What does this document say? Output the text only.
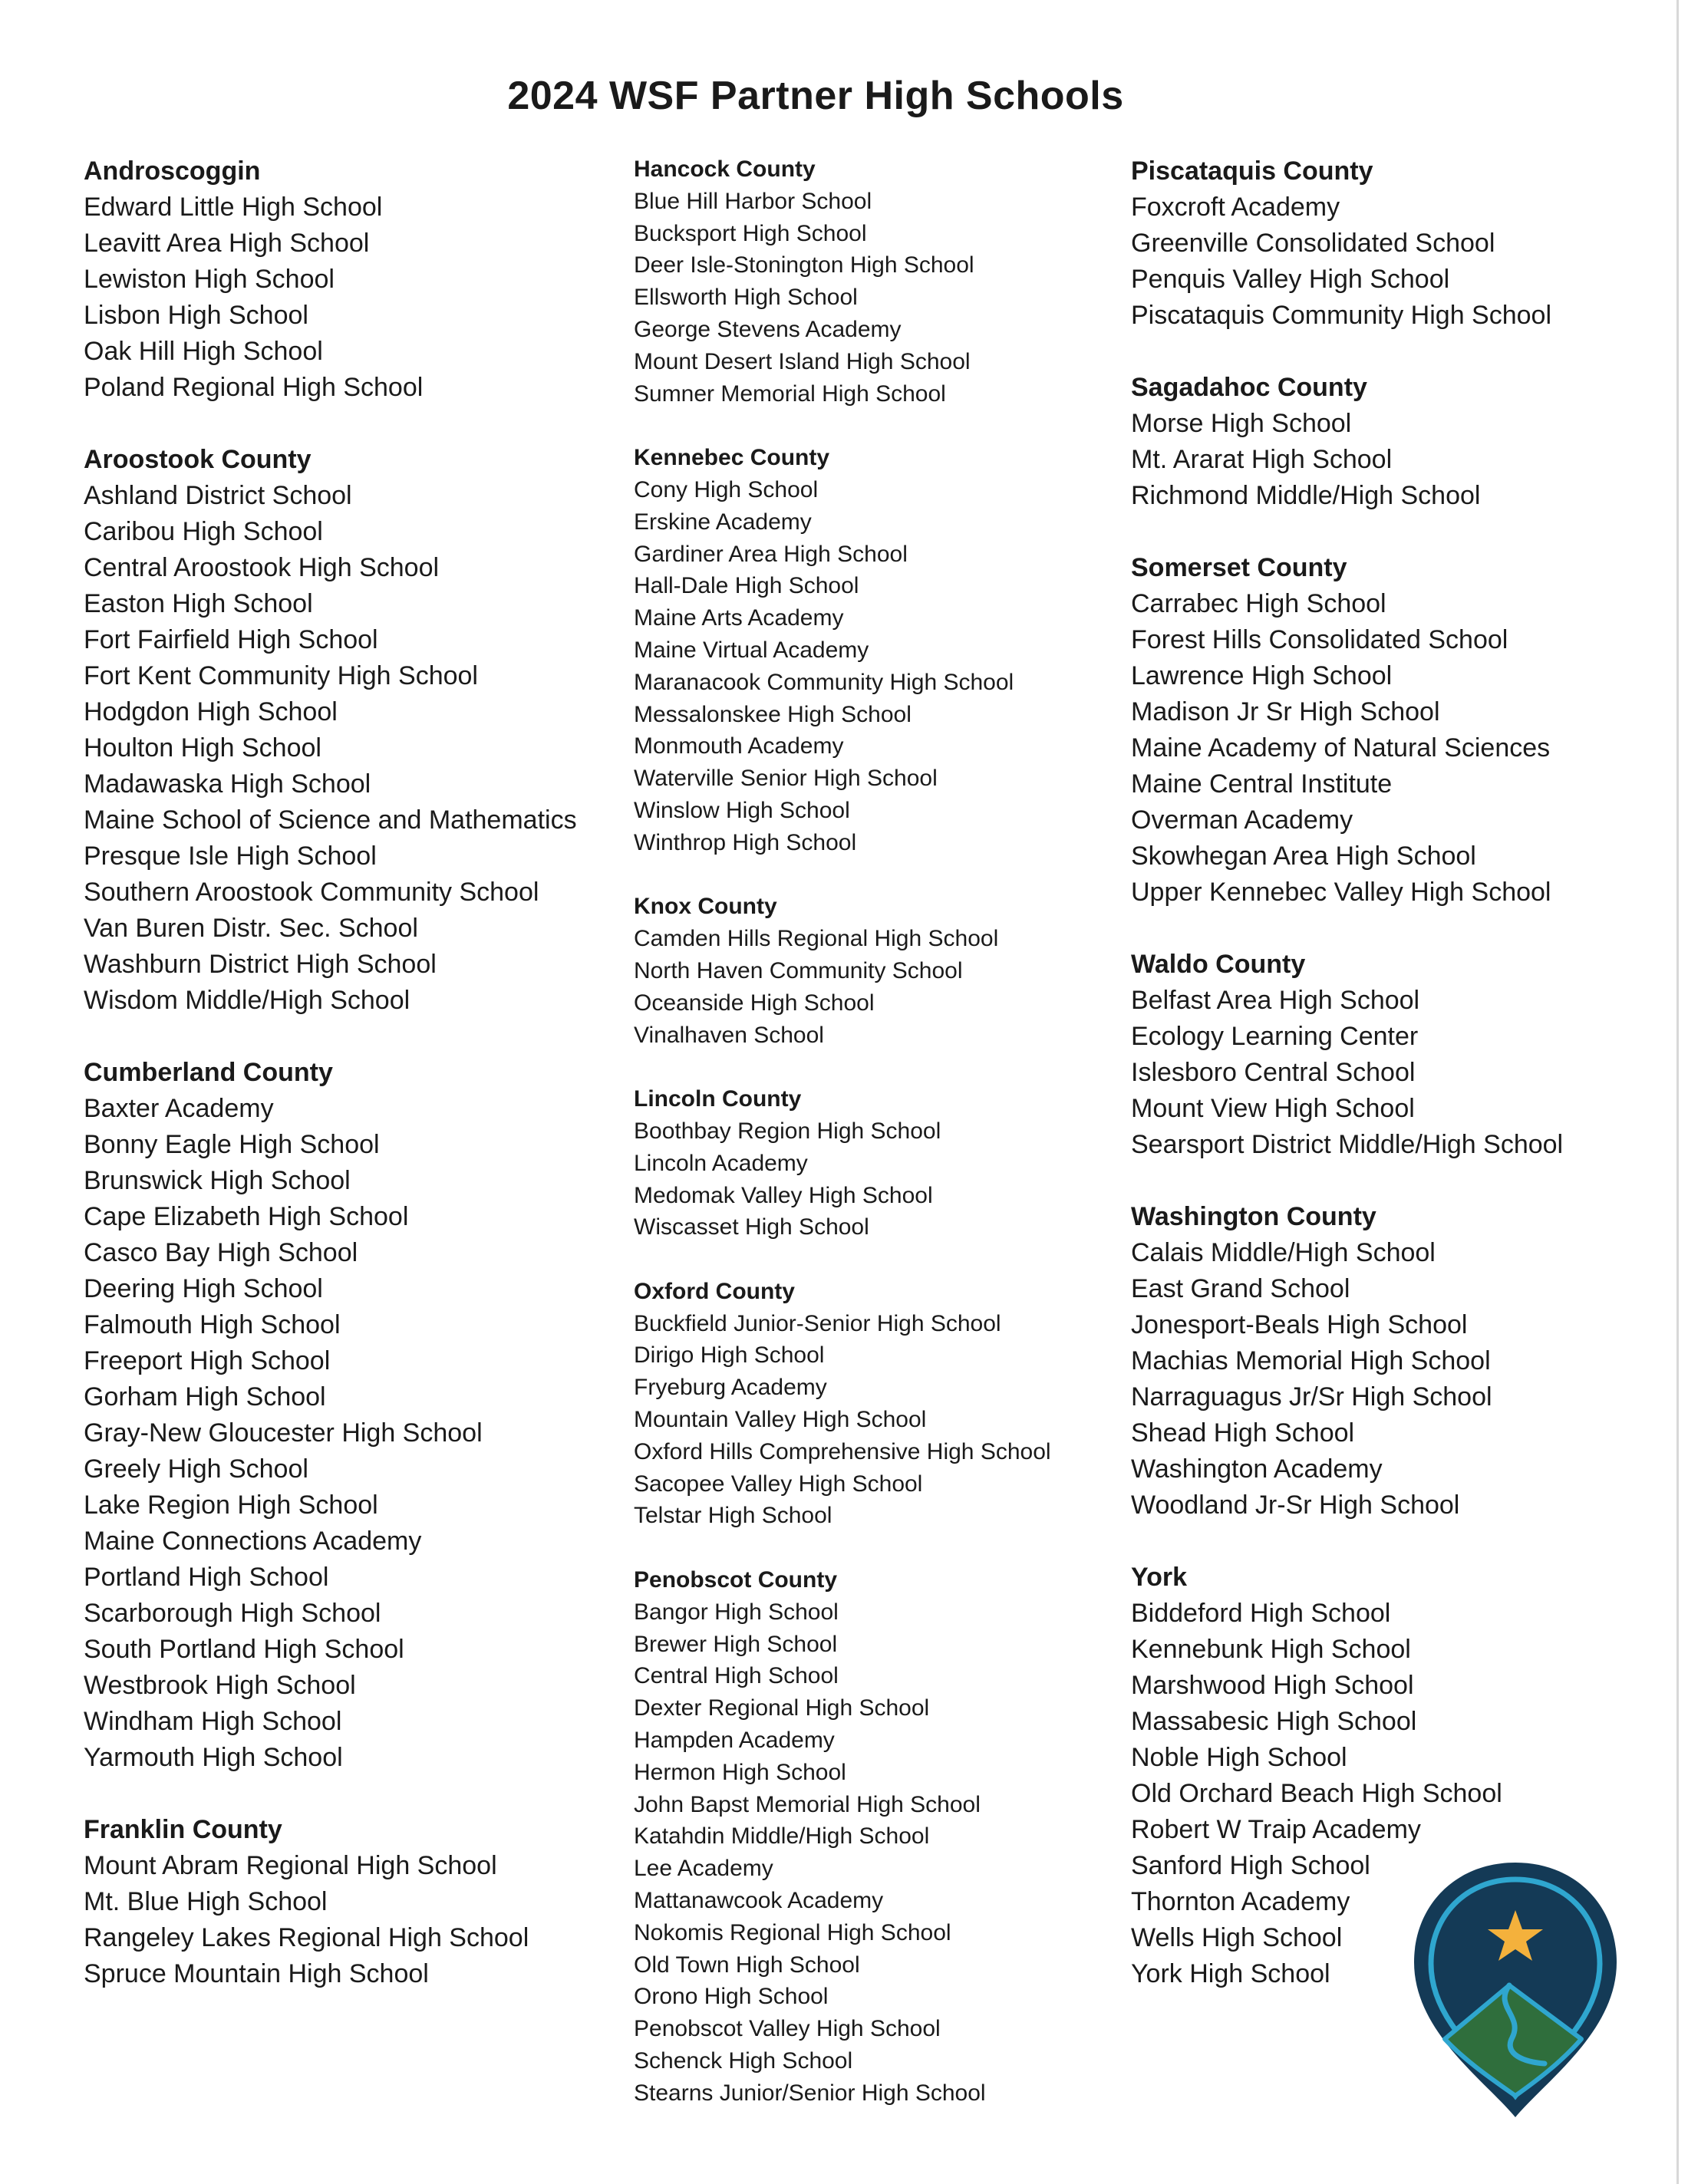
2024 WSF Partner High Schools
Androscoggin
Edward Little High School
Leavitt Area High School
Lewiston High School
Lisbon High School
Oak Hill High School
Poland Regional High School
Aroostook County
Ashland District School
Caribou High School
Central Aroostook High School
Easton High School
Fort Fairfield High School
Fort Kent Community High School
Hodgdon High School
Houlton High School
Madawaska High School
Maine School of Science and Mathematics
Presque Isle High School
Southern Aroostook Community School
Van Buren Distr. Sec. School
Washburn District High School
Wisdom Middle/High School
Cumberland County
Baxter Academy
Bonny Eagle High School
Brunswick High School
Cape Elizabeth High School
Casco Bay High School
Deering High School
Falmouth High School
Freeport High School
Gorham High School
Gray-New Gloucester High School
Greely High School
Lake Region High School
Maine Connections Academy
Portland High School
Scarborough High School
South Portland High School
Westbrook High School
Windham High School
Yarmouth High School
Franklin County
Mount Abram Regional High School
Mt. Blue High School
Rangeley Lakes Regional High School
Spruce Mountain High School
Hancock County
Blue Hill Harbor School
Bucksport High School
Deer Isle-Stonington High School
Ellsworth High School
George Stevens Academy
Mount Desert Island High School
Sumner Memorial High School
Kennebec County
Cony High School
Erskine Academy
Gardiner Area High School
Hall-Dale High School
Maine Arts Academy
Maine Virtual Academy
Maranacook Community High School
Messalonskee High School
Monmouth Academy
Waterville Senior High School
Winslow High School
Winthrop High School
Knox County
Camden Hills Regional High School
North Haven Community School
Oceanside High School
Vinalhaven School
Lincoln County
Boothbay Region High School
Lincoln Academy
Medomak Valley High School
Wiscasset High School
Oxford County
Buckfield Junior-Senior High School
Dirigo High School
Fryeburg Academy
Mountain Valley High School
Oxford Hills Comprehensive High School
Sacopee Valley High School
Telstar High School
Penobscot County
Bangor High School
Brewer High School
Central High School
Dexter Regional High School
Hampden Academy
Hermon High School
John Bapst Memorial High School
Katahdin Middle/High School
Lee Academy
Mattanawcook Academy
Nokomis Regional High School
Old Town High School
Orono High School
Penobscot Valley High School
Schenck High School
Stearns Junior/Senior High School
Piscataquis County
Foxcroft Academy
Greenville Consolidated School
Penquis Valley High School
Piscataquis Community High School
Sagadahoc County
Morse High School
Mt. Ararat High School
Richmond Middle/High School
Somerset County
Carrabec High School
Forest Hills Consolidated School
Lawrence High School
Madison Jr Sr High School
Maine Academy of Natural Sciences
Maine Central Institute
Overman Academy
Skowhegan Area High School
Upper Kennebec Valley High School
Waldo County
Belfast Area High School
Ecology Learning Center
Islesboro Central School
Mount View High School
Searsport District Middle/High School
Washington County
Calais Middle/High School
East Grand School
Jonesport-Beals High School
Machias Memorial High School
Narraguagus Jr/Sr High School
Shead High School
Washington Academy
Woodland Jr-Sr High School
York
Biddeford High School
Kennebunk High School
Marshwood High School
Massabesic High School
Noble High School
Old Orchard Beach High School
Robert W Traip Academy
Sanford High School
Thornton Academy
Wells High School
York High School
